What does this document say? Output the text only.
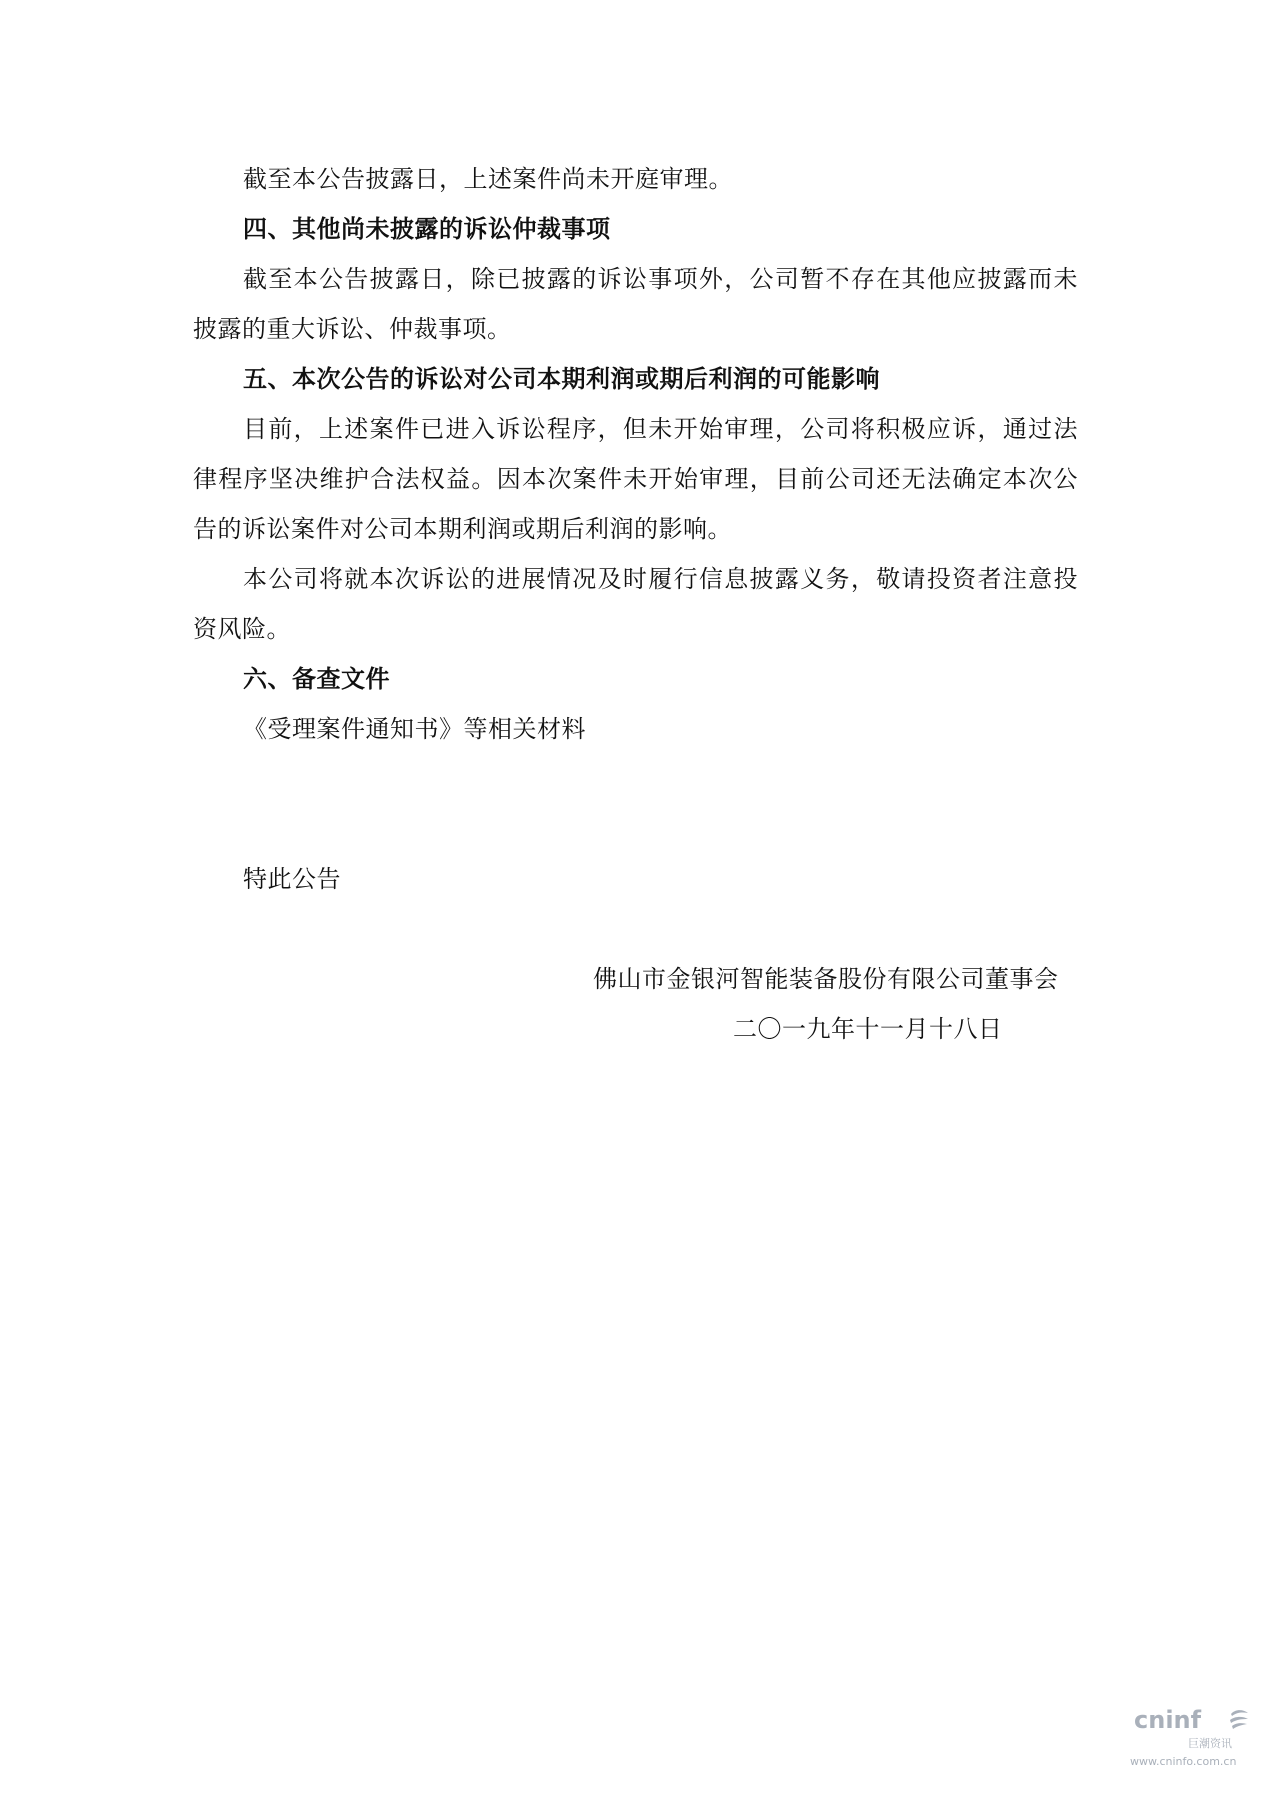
截至本公告披露日，上述案件尚未开庭审理。
四、其他尚未披露的诉讼仲裁事项
截至本公告披露日，除已披露的诉讼事项外，公司暂不存在其他应披露而未
披露的重大诉讼、仲裁事项。
五、本次公告的诉讼对公司本期利润或期后利润的可能影响
目前，上述案件已进入诉讼程序，但未开始审理，公司将积极应诉，通过法
律程序坚决维护合法权益。因本次案件未开始审理，目前公司还无法确定本次公
告的诉讼案件对公司本期利润或期后利润的影响。
本公司将就本次诉讼的进展情况及时履行信息披露义务，敬请投资者注意投
资风险。
六、备查文件
《受理案件通知书》等相关材料
特此公告
佛山市金银河智能装备股份有限公司董事会
二〇一九年十一月十八日
cninf
巨潮资讯
www.cninfo.com.cn
